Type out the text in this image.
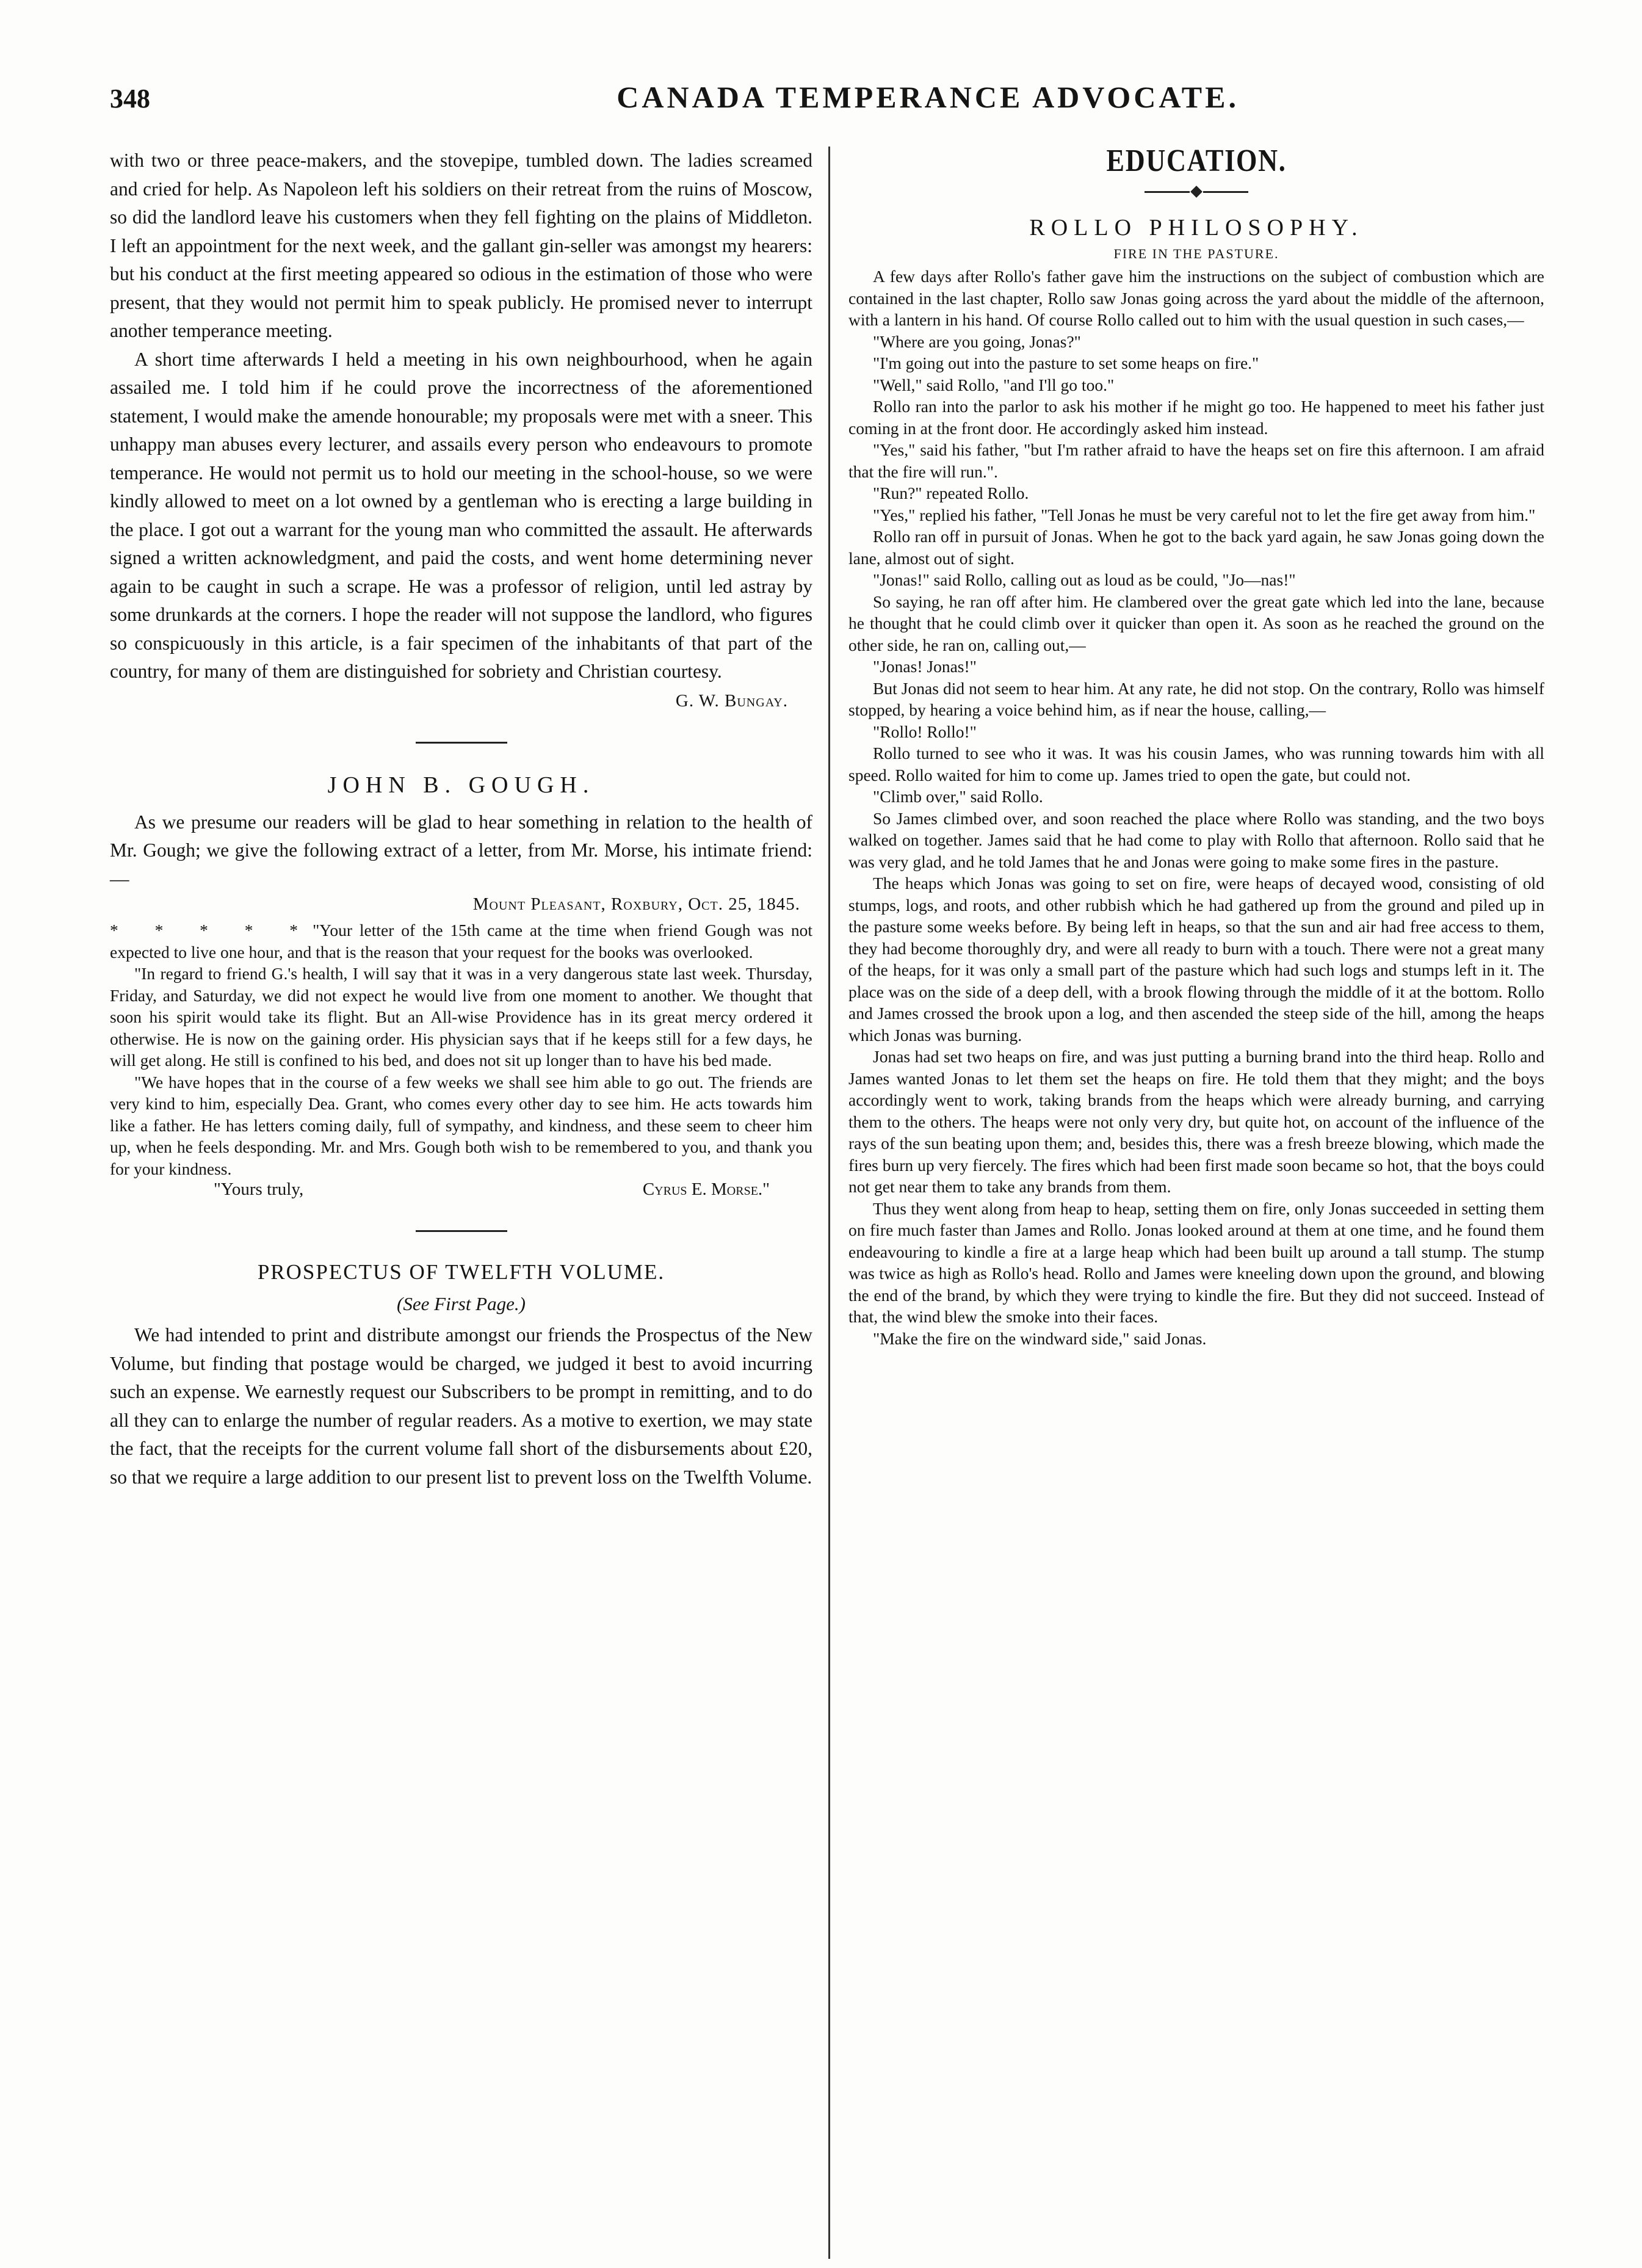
348	CANADA TEMPERANCE ADVOCATE.

with two or three peace-makers, and the stovepipe, tumbled down. The ladies screamed and cried for help. As Napoleon left his soldiers on their retreat from the ruins of Moscow, so did the landlord leave his customers when they fell fighting on the plains of Middleton. I left an appointment for the next week, and the gallant gin-seller was amongst my hearers: but his conduct at the first meeting appeared so odious in the estimation of those who were present, that they would not permit him to speak publicly. He promised never to interrupt another temperance meeting.

A short time afterwards I held a meeting in his own neighbourhood, when he again assailed me. I told him if he could prove the incorrectness of the aforementioned statement, I would make the amende honourable; my proposals were met with a sneer. This unhappy man abuses every lecturer, and assails every person who endeavours to promote temperance. He would not permit us to hold our meeting in the school-house, so we were kindly allowed to meet on a lot owned by a gentleman who is erecting a large building in the place. I got out a warrant for the young man who committed the assault. He afterwards signed a written acknowledgment, and paid the costs, and went home determining never again to be caught in such a scrape. He was a professor of religion, until led astray by some drunkards at the corners. I hope the reader will not suppose the landlord, who figures so conspicuously in this article, is a fair specimen of the inhabitants of that part of the country, for many of them are distinguished for sobriety and Christian courtesy.

G. W. Bungay.
JOHN B. GOUGH.

As we presume our readers will be glad to hear something in relation to the health of Mr. Gough; we give the following extract of a letter, from Mr. Morse, his intimate friend:—

Mount Pleasant, Roxbury, Oct. 25, 1845.

* * * * *"Your letter of the 15th came at the time when friend Gough was not expected to live one hour, and that is the reason that your request for the books was overlooked.

"In regard to friend G.'s health, I will say that it was in a very dangerous state last week. Thursday, Friday, and Saturday, we did not expect he would live from one moment to another. We thought that soon his spirit would take its flight. But an All-wise Providence has in its great mercy ordered it otherwise. He is now on the gaining order. His physician says that if he keeps still for a few days, he will get along. He still is confined to his bed, and does not sit up longer than to have his bed made.

"We have hopes that in the course of a few weeks we shall see him able to go out. The friends are very kind to him, especially Dea. Grant, who comes every other day to see him. He acts towards him like a father. He has letters coming daily, full of sympathy, and kindness, and these seem to cheer him up, when he feels desponding. Mr. and Mrs. Gough both wish to be remembered to you, and thank you for your kindness.

"Yours truly,	Cyrus E. Morse."
PROSPECTUS OF TWELFTH VOLUME.
(See First Page.)

We had intended to print and distribute amongst our friends the Prospectus of the New Volume, but finding that postage would be charged, we judged it best to avoid incurring such an expense. We earnestly request our Subscribers to be prompt in remitting, and to do all they can to enlarge the number of regular readers. As a motive to exertion, we may state the fact, that the receipts for the current volume fall short of the disbursements about £20, so that we require a large addition to our present list to prevent loss on the Twelfth Volume.

EDUCATION.
ROLLO PHILOSOPHY.
FIRE IN THE PASTURE.

A few days after Rollo's father gave him the instructions on the subject of combustion which are contained in the last chapter, Rollo saw Jonas going across the yard about the middle of the afternoon, with a lantern in his hand. Of course Rollo called out to him with the usual question in such cases,—

"Where are you going, Jonas?"

"I'm going out into the pasture to set some heaps on fire."

"Well," said Rollo, "and I'll go too."

Rollo ran into the parlor to ask his mother if he might go too. He happened to meet his father just coming in at the front door. He accordingly asked him instead.

"Yes," said his father, "but I'm rather afraid to have the heaps set on fire this afternoon. I am afraid that the fire will run.".

"Run?" repeated Rollo.

"Yes," replied his father, "Tell Jonas he must be very careful not to let the fire get away from him."

Rollo ran off in pursuit of Jonas. When he got to the back yard again, he saw Jonas going down the lane, almost out of sight.

"Jonas!" said Rollo, calling out as loud as be could, "Jo—nas!"

So saying, he ran off after him. He clambered over the great gate which led into the lane, because he thought that he could climb over it quicker than open it. As soon as he reached the ground on the other side, he ran on, calling out,—

"Jonas! Jonas!"

But Jonas did not seem to hear him. At any rate, he did not stop. On the contrary, Rollo was himself stopped, by hearing a voice behind him, as if near the house, calling,—

"Rollo! Rollo!"

Rollo turned to see who it was. It was his cousin James, who was running towards him with all speed. Rollo waited for him to come up. James tried to open the gate, but could not.

"Climb over," said Rollo.

So James climbed over, and soon reached the place where Rollo was standing, and the two boys walked on together. James said that he had come to play with Rollo that afternoon. Rollo said that he was very glad, and he told James that he and Jonas were going to make some fires in the pasture.

The heaps which Jonas was going to set on fire, were heaps of decayed wood, consisting of old stumps, logs, and roots, and other rubbish which he had gathered up from the ground and piled up in the pasture some weeks before. By being left in heaps, so that the sun and air had free access to them, they had become thoroughly dry, and were all ready to burn with a touch. There were not a great many of the heaps, for it was only a small part of the pasture which had such logs and stumps left in it. The place was on the side of a deep dell, with a brook flowing through the middle of it at the bottom. Rollo and James crossed the brook upon a log, and then ascended the steep side of the hill, among the heaps which Jonas was burning.

Jonas had set two heaps on fire, and was just putting a burning brand into the third heap. Rollo and James wanted Jonas to let them set the heaps on fire. He told them that they might; and the boys accordingly went to work, taking brands from the heaps which were already burning, and carrying them to the others. The heaps were not only very dry, but quite hot, on account of the influence of the rays of the sun beating upon them; and, besides this, there was a fresh breeze blowing, which made the fires burn up very fiercely. The fires which had been first made soon became so hot, that the boys could not get near them to take any brands from them.

Thus they went along from heap to heap, setting them on fire, only Jonas succeeded in setting them on fire much faster than James and Rollo. Jonas looked around at them at one time, and he found them endeavouring to kindle a fire at a large heap which had been built up around a tall stump. The stump was twice as high as Rollo's head. Rollo and James were kneeling down upon the ground, and blowing the end of the brand, by which they were trying to kindle the fire. But they did not succeed. Instead of that, the wind blew the smoke into their faces.

"Make the fire on the windward side," said Jonas.
